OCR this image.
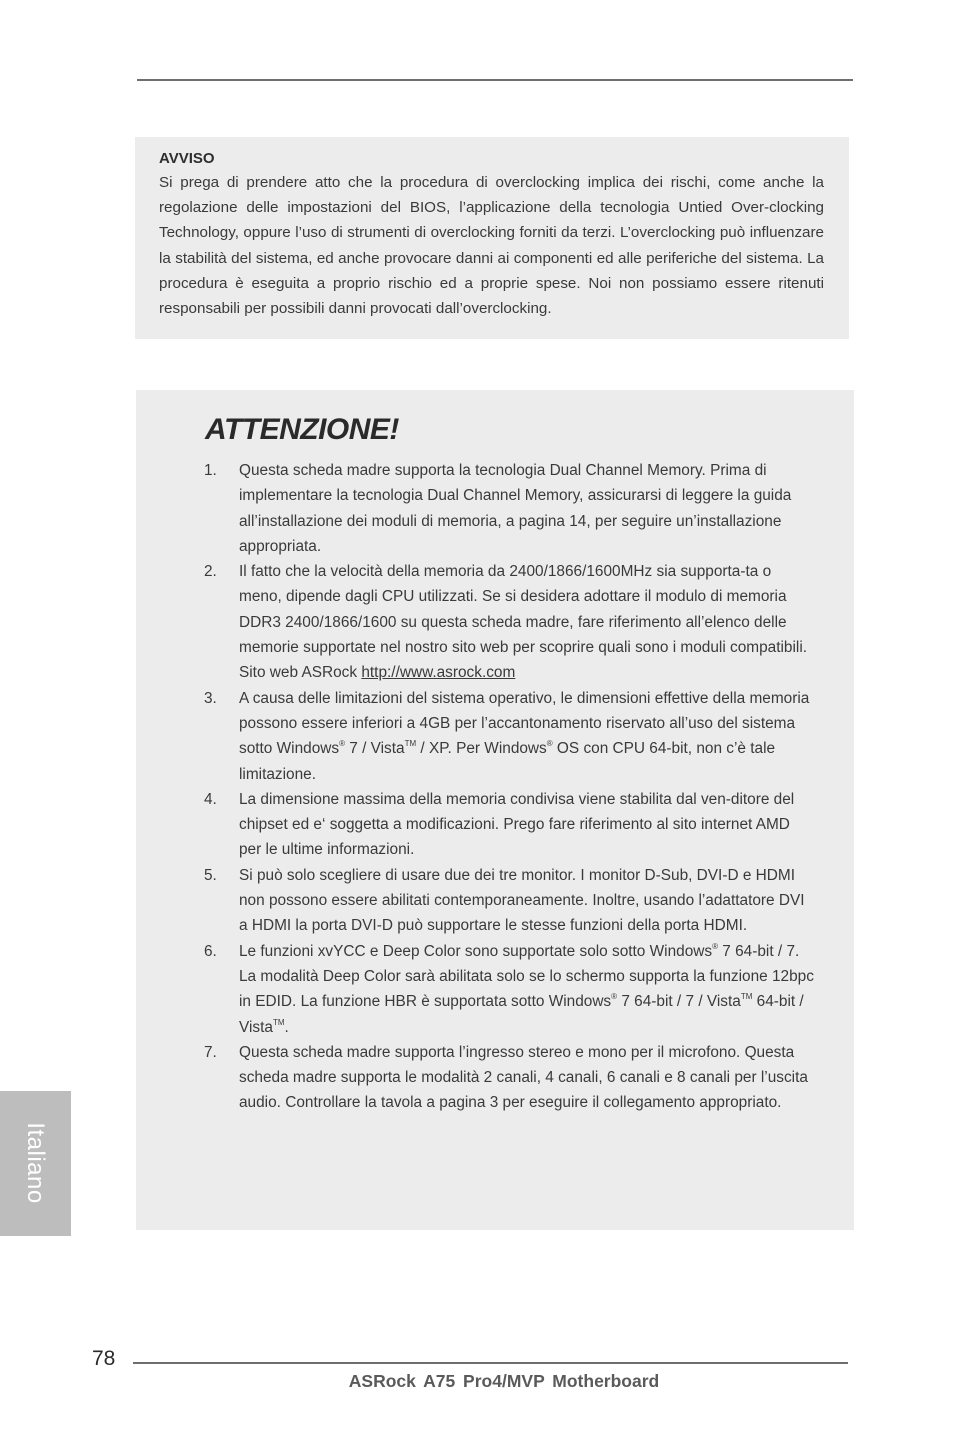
AVVISO
Si prega di prendere atto che la procedura di overclocking implica dei rischi, come anche la regolazione delle impostazioni del BIOS, l’applicazione della tecnologia Untied Over-clocking Technology, oppure l’uso di strumenti di overclocking forniti da terzi. L’overclocking può influenzare la stabilità del sistema, ed anche provocare danni ai componenti ed alle periferiche del sistema. La procedura è eseguita a proprio rischio ed a proprie spese. Noi non possiamo essere ritenuti responsabili per possibili danni provocati dall’overclocking.
ATTENZIONE!
1. Questa scheda madre supporta la tecnologia Dual Channel Memory. Prima di implementare la tecnologia Dual Channel Memory, assicurarsi di leggere la guida all’installazione dei moduli di memoria, a pagina 14, per seguire un’installazione appropriata.
2. Il fatto che la velocità della memoria da 2400/1866/1600MHz sia supporta-ta o meno, dipende dagli CPU utilizzati. Se si desidera adottare il modulo di memoria DDR3 2400/1866/1600 su questa scheda madre, fare riferimento all’elenco delle memorie supportate nel nostro sito web per scoprire quali sono i moduli compatibili.
Sito web ASRock http://www.asrock.com
3. A causa delle limitazioni del sistema operativo, le dimensioni effettive della memoria possono essere inferiori a 4GB per l’accantonamento riservato all’uso del sistema sotto Windows® 7 / Vista™ / XP. Per Windows® OS con CPU 64-bit, non c’è tale limitazione.
4. La dimensione massima della memoria condivisa viene stabilita dal ven-ditore del chipset ed e‘ soggetta a modificazioni. Prego fare riferimento al sito internet AMD per le ultime informazioni.
5. Si può solo scegliere di usare due dei tre monitor. I monitor D-Sub, DVI-D e HDMI non possono essere abilitati contemporaneamente. Inoltre, usando l’adattatore DVI a HDMI la porta DVI-D può supportare le stesse funzioni della porta HDMI.
6. Le funzioni xvYCC e Deep Color sono supportate solo sotto Windows® 7 64-bit / 7. La modalità Deep Color sarà abilitata solo se lo schermo supporta la funzione 12bpc in EDID. La funzione HBR è supportata sotto Windows® 7 64-bit / 7 / Vista™ 64-bit / Vista™.
7. Questa scheda madre supporta l’ingresso stereo e mono per il microfono. Questa scheda madre supporta le modalità 2 canali, 4 canali, 6 canali e 8 canali per l’uscita audio. Controllare la tavola a pagina 3 per eseguire il collegamento appropriato.
Italiano
78
ASRock A75 Pro4/MVP Motherboard
